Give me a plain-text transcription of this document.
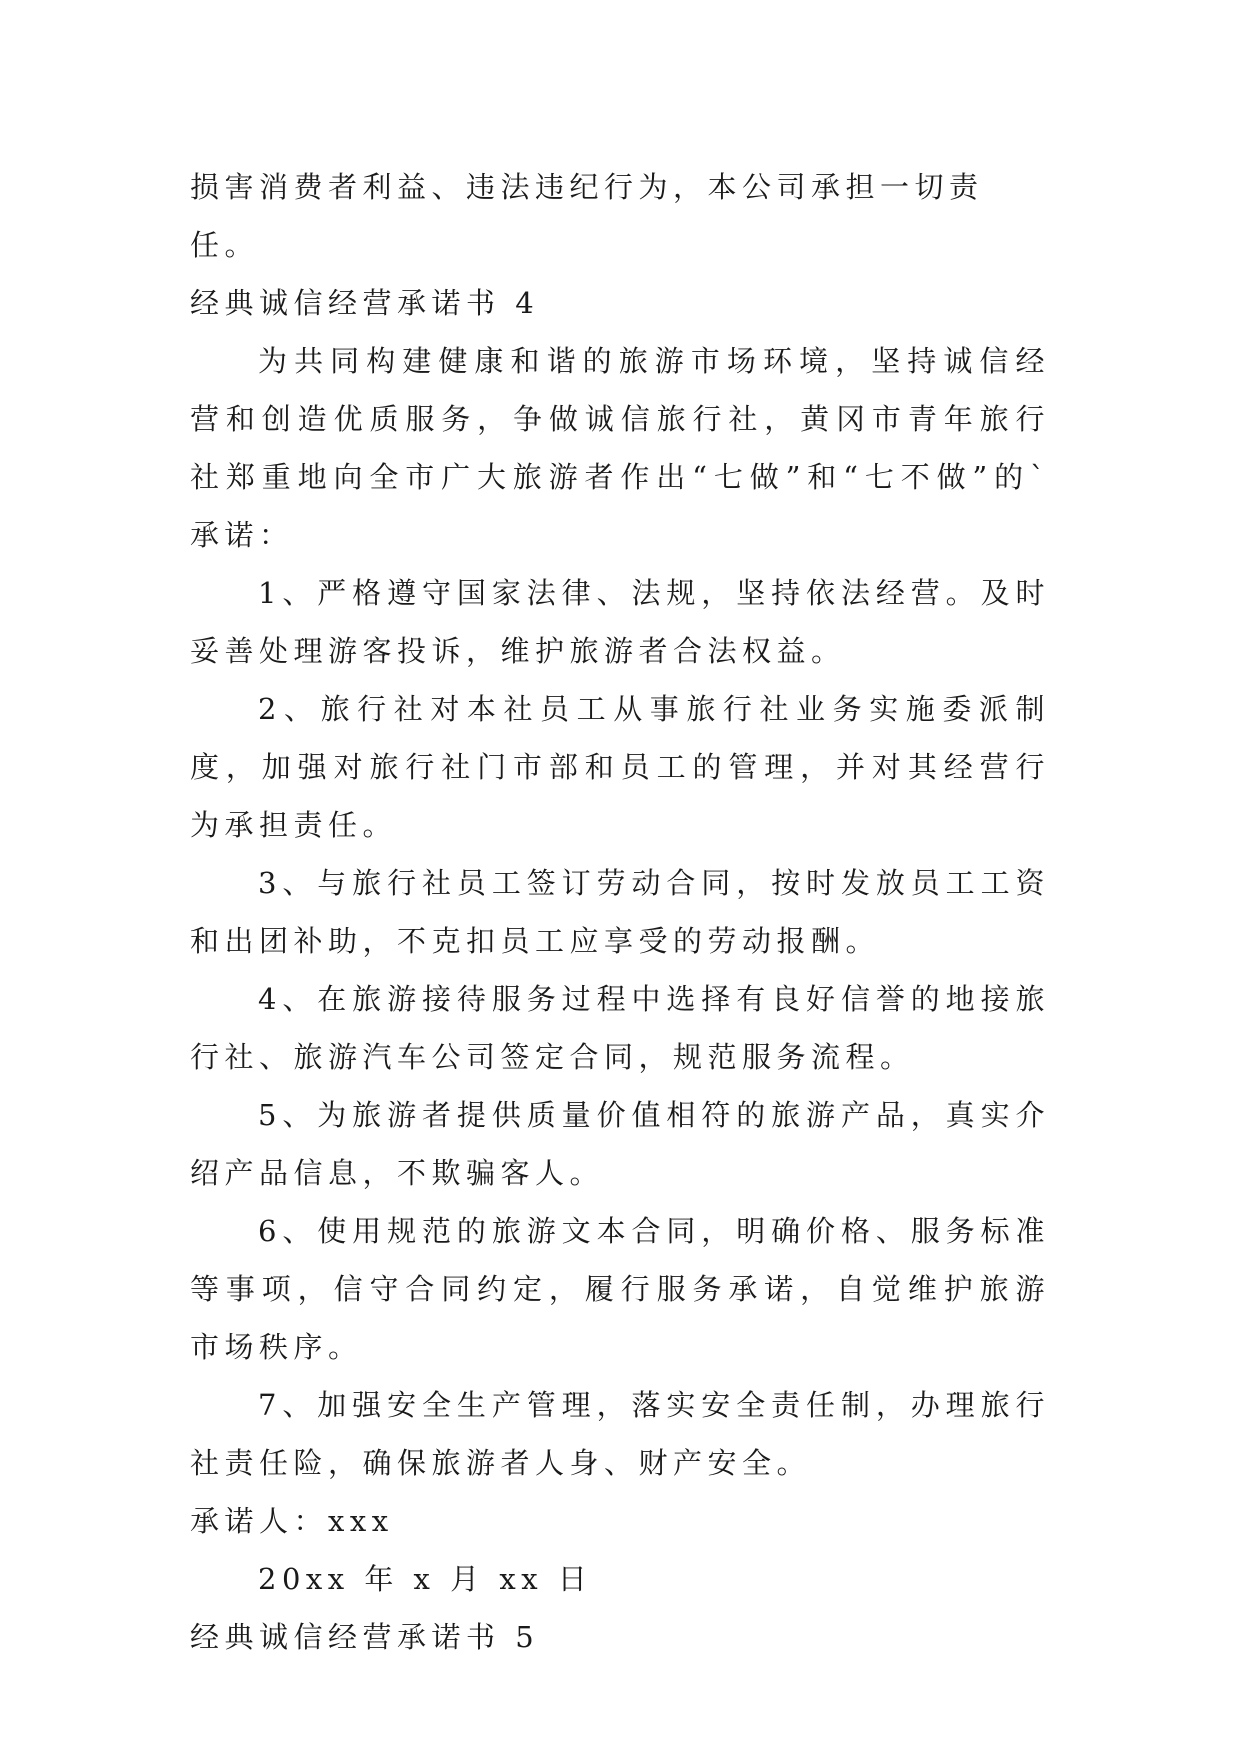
损害消费者利益、违法违纪行为，本公司承担一切责任。

经典诚信经营承诺书 4

为共同构建健康和谐的旅游市场环境，坚持诚信经营和创造优质服务，争做诚信旅行社，黄冈市青年旅行社郑重地向全市广大旅游者作出“七做”和“七不做”的`承诺：

1、严格遵守国家法律、法规，坚持依法经营。及时妥善处理游客投诉，维护旅游者合法权益。

2、旅行社对本社员工从事旅行社业务实施委派制度，加强对旅行社门市部和员工的管理，并对其经营行为承担责任。

3、与旅行社员工签订劳动合同，按时发放员工工资和出团补助，不克扣员工应享受的劳动报酬。

4、在旅游接待服务过程中选择有良好信誉的地接旅行社、旅游汽车公司签定合同，规范服务流程。

5、为旅游者提供质量价值相符的旅游产品，真实介绍产品信息，不欺骗客人。

6、使用规范的旅游文本合同，明确价格、服务标准等事项，信守合同约定，履行服务承诺，自觉维护旅游市场秩序。

7、加强安全生产管理，落实安全责任制，办理旅行社责任险，确保旅游者人身、财产安全。

承诺人：xxx

20xx 年 x 月 xx 日

经典诚信经营承诺书 5
